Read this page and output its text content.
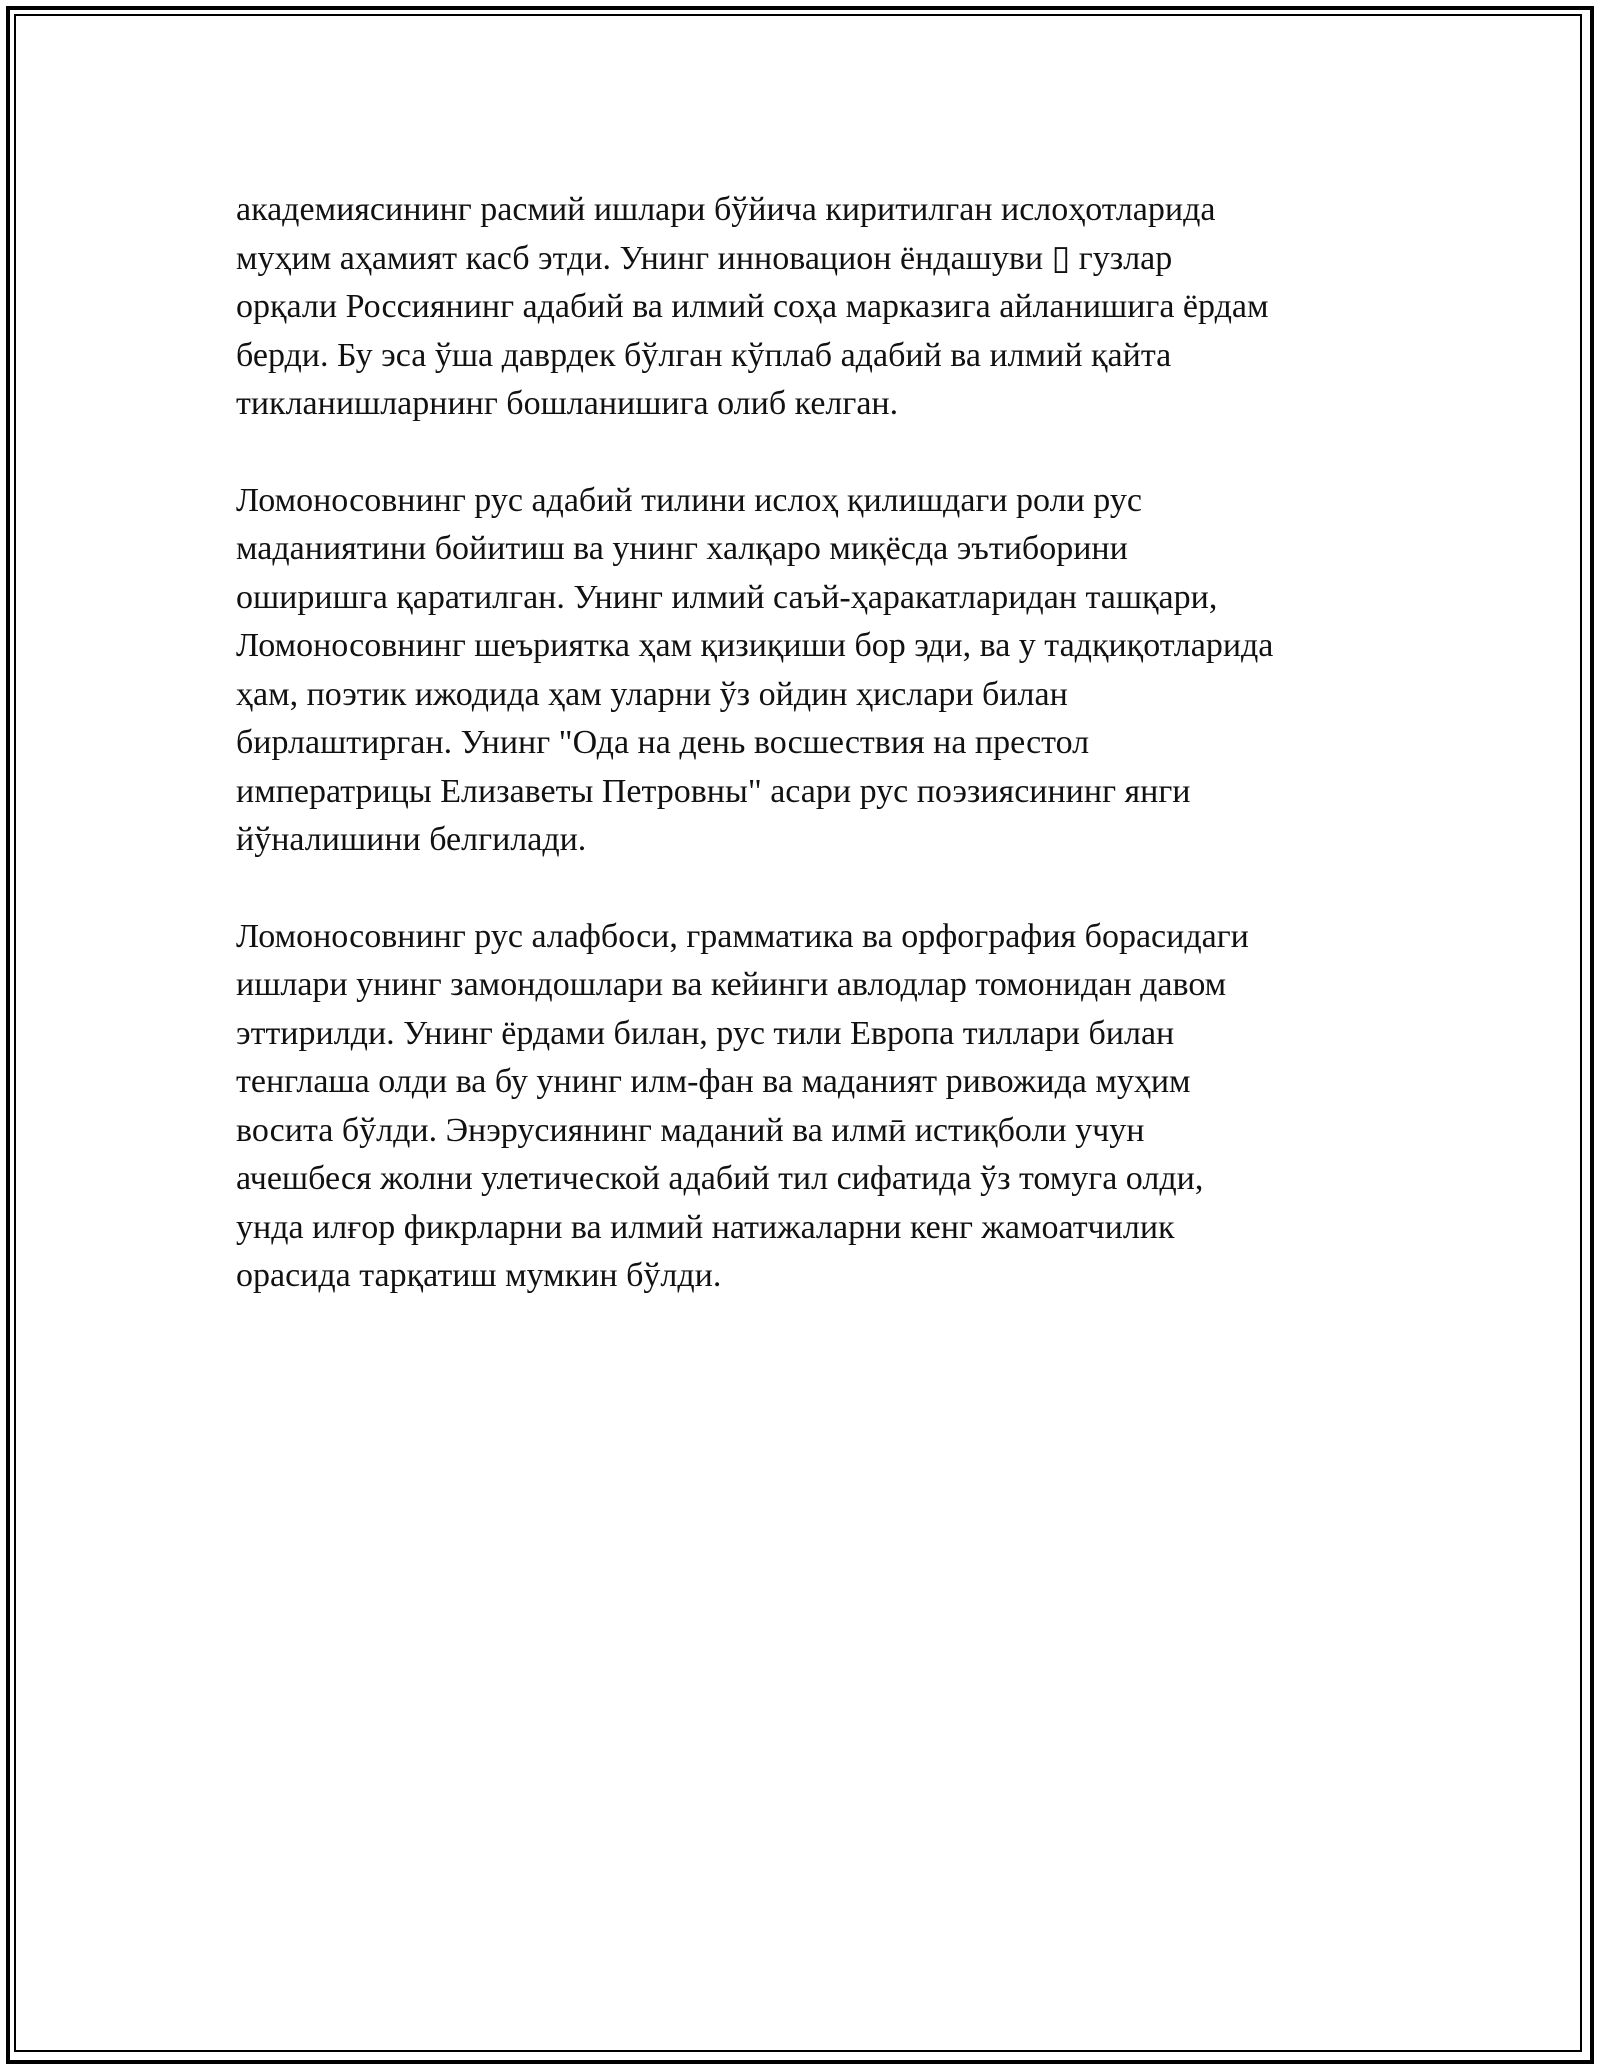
академиясининг расмий ишлари бўйича киритилган ислоҳотларида
муҳим аҳамият касб этди. Унинг инновацион ёндашуви ▯ гузлар
орқали Россиянинг адабий ва илмий соҳа марказига айланишига ёрдам
берди. Бу эса ўша даврдек бўлган кўплаб адабий ва илмий қайта
тикланишларнинг бошланишига олиб келган.

Ломоносовнинг рус адабий тилини ислоҳ қилишдаги роли рус
маданиятини бойитиш ва унинг халқаро миқёсда эътиборини
оширишга қаратилган. Унинг илмий саъй-ҳаракатларидан ташқари,
Ломоносовнинг шеъриятка ҳам қизиқиши бор эди, ва у тадқиқотларида
ҳам, поэтик ижодида ҳам уларни ўз ойдин ҳислари билан
бирлаштирган. Унинг "Ода на день восшествия на престол
императрицы Елизаветы Петровны" асари рус поэзиясининг янги
йўналишини белгилади.

Ломоносовнинг рус алафбоси, грамматика ва орфография борасидаги
ишлари унинг замондошлари ва кейинги авлодлар томонидан давом
эттирилди. Унинг ёрдами билан, рус тили Европа тиллари билан
тенглаша олди ва бу унинг илм-фан ва маданият ривожида муҳим
восита бўлди. Энэрусиянинг маданий ва илмӣ истиқболи учун
ачешбеся жолни улетической адабий тил сифатида ўз томуга олди,
унда илғор фикрларни ва илмий натижаларни кенг жамоатчилик
орасида тарқатиш мумкин бўлди.
